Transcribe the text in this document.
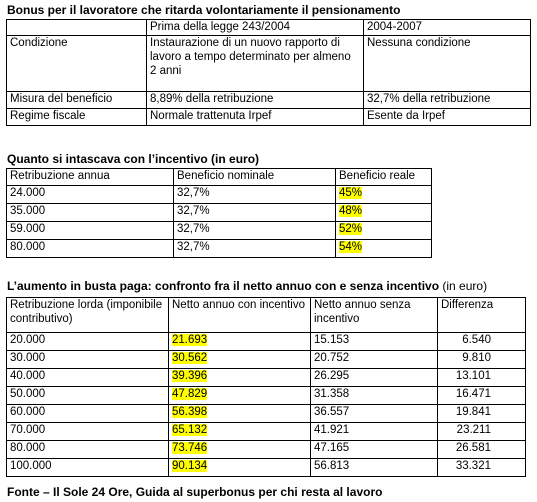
Bonus per il lavoratore che ritarda volontariamente il pensionamento
	Prima della legge 243/2004	2004-2007
Condizione	Instaurazione di un nuovo rapporto di lavoro a tempo determinato per almeno 2 anni	Nessuna condizione
Misura del beneficio	8,89% della retribuzione	32,7% della retribuzione
Regime fiscale	Normale trattenuta Irpef	Esente da Irpef
Quanto si intascava con l’incentivo (in euro)
Retribuzione annua	Beneficio nominale	Beneficio reale
24.000	32,7%	45%
35.000	32,7%	48%
59.000	32,7%	52%
80.000	32,7%	54%
L’aumento in busta paga: confronto fra il netto annuo con e senza incentivo (in euro)
Retribuzione lorda (imponibile contributivo)	Netto annuo con incentivo	Netto annuo senza incentivo	Differenza
20.000	21.693	15.153	6.540

30.000	30.562	20.752	9.810

40.000	39.396	26.295	13.101

50.000	47.829	31.358	16.471

60.000	56.398	36.557	19.841

70.000	65.132	41.921	23.211

80.000	73.746	47.165	26.581

100.000	90.134	56.813	33.321
Fonte – Il Sole 24 Ore, Guida al superbonus per chi resta al lavoro
